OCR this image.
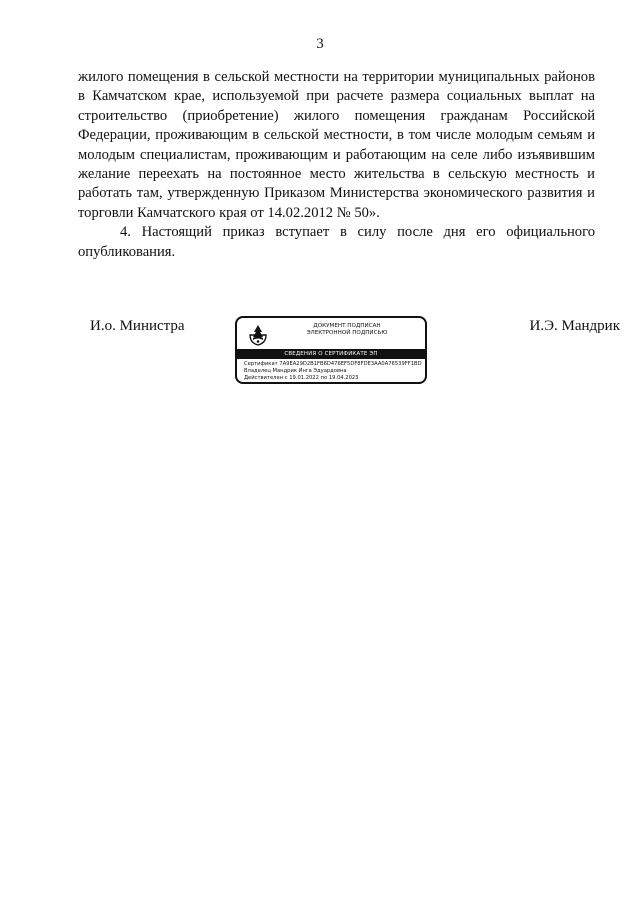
3

жилого помещения в сельской местности на территории муниципальных районов в Камчатском крае, используемой при расчете размера социальных выплат на строительство (приобретение) жилого помещения гражданам Российской Федерации, проживающим в сельской местности, в том числе молодым семьям и молодым специалистам, проживающим и работающим на селе либо изъявившим желание переехать на постоянное место жительства в сельскую местность и работать там, утвержденную Приказом Министерства экономического развития и торговли Камчатского края от 14.02.2012 № 50».

4. Настоящий приказ вступает в силу после дня его официального опубликования.

И.о. Министра	ДОКУМЕНТ ПОДПИСАН
ЭЛЕКТРОННОЙ ПОДПИСЬЮ
СВЕДЕНИЯ О СЕРТИФИКАТЕ ЭП
Сертификат 7A9EA29D2B1FB6D476EF5DF8FDE3AA0A76539FF1BD
Владелец Мандрик Инга Эдуардовна
Действителен с 19.01.2022 по 19.04.2023
И.Э. Мандрик
